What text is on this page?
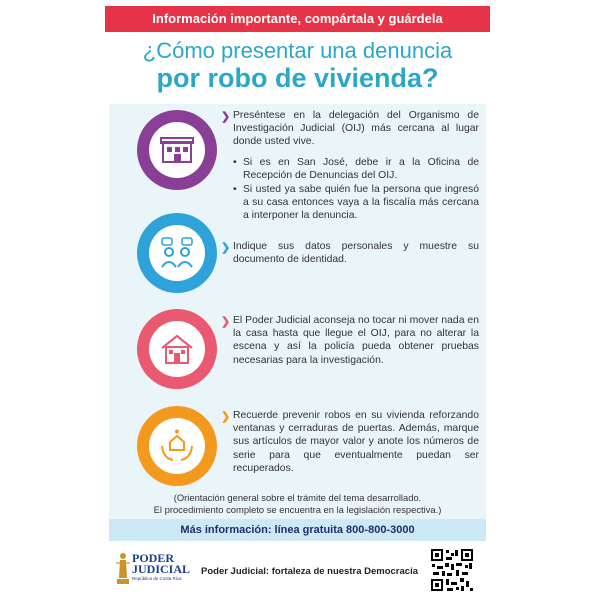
Información importante, compártala y guárdela
¿Cómo presentar una denuncia
por robo de vivienda?
❯ Preséntese en la delegación del Organismo de Investigación Judicial (OIJ) más cercana al lugar donde usted vive.
• Si es en San José, debe ir a la Oficina de Recepción de Denuncias del OIJ.
• Si usted ya sabe quién fue la persona que ingresó a su casa entonces vaya a la fiscalía más cercana a interponer la denuncia.
❯ Indique sus datos personales y muestre su documento de identidad.
❯ El Poder Judicial aconseja no tocar ni mover nada en la casa hasta que llegue el OIJ, para no alterar la escena y así la policía pueda obtener pruebas necesarias para la investigación.
❯ Recuerde prevenir robos en su vivienda reforzando ventanas y cerraduras de puertas. Además, marque sus artículos de mayor valor y anote los números de serie para que eventualmente puedan ser recuperados.
(Orientación general sobre el trámite del tema desarrollado.
El procedimiento completo se encuentra en la legislación respectiva.)
Más información: línea gratuita 800-800-3000
PODER
JUDICIAL
República de Costa Rica
Poder Judicial: fortaleza de nuestra Democracia
